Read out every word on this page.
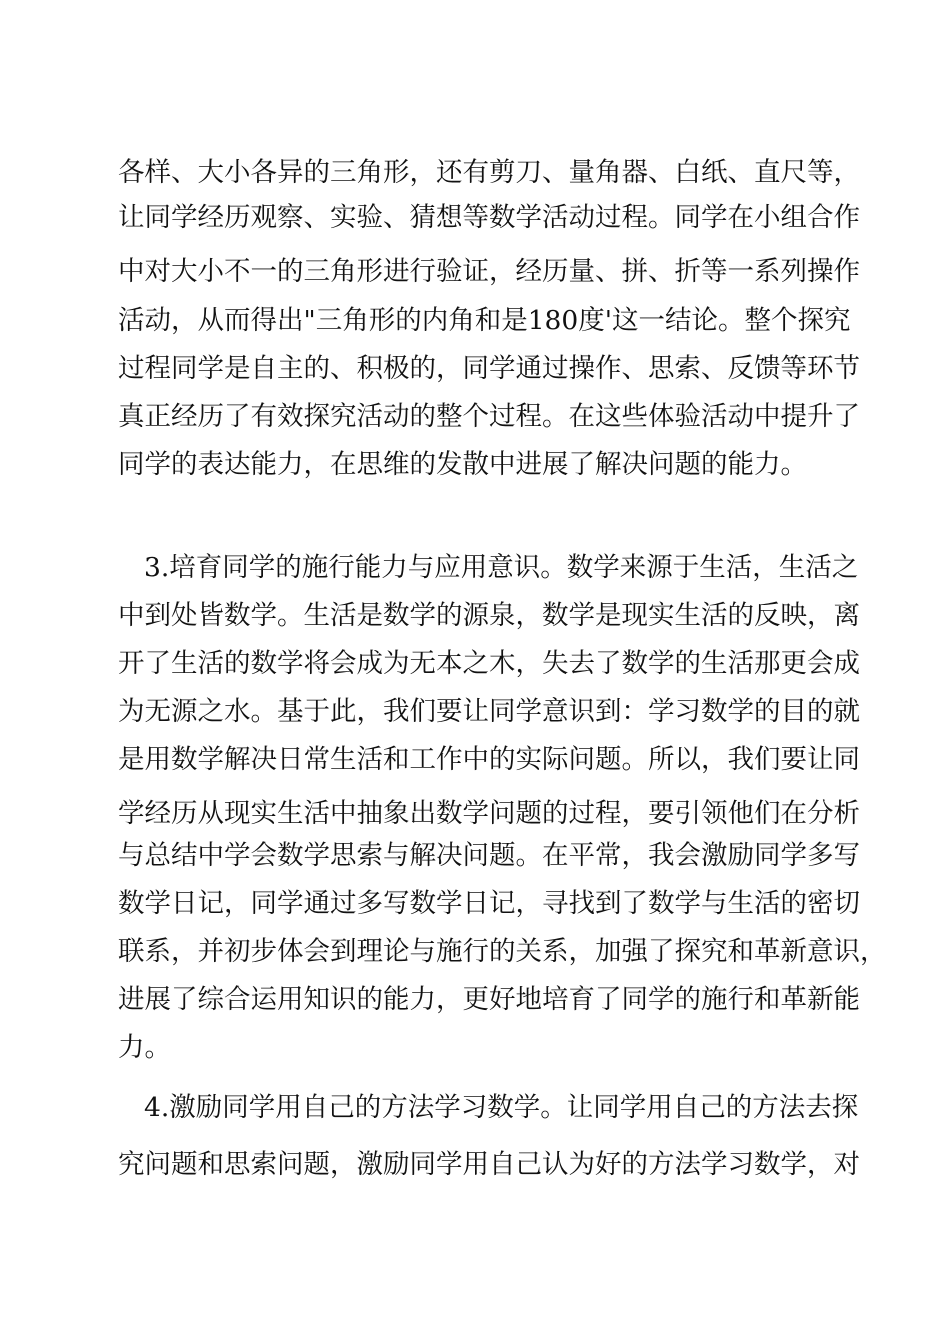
各样、大小各异的三角形，还有剪刀、量角器、白纸、直尺等，
让同学经历观察、实验、猜想等数学活动过程。同学在小组合作
中对大小不一的三角形进行验证，经历量、拼、折等一系列操作
活动，从而得出"三角形的内角和是180度'这一结论。整个探究
过程同学是自主的、积极的，同学通过操作、思索、反馈等环节
真正经历了有效探究活动的整个过程。在这些体验活动中提升了
同学的表达能力，在思维的发散中进展了解决问题的能力。
3.培育同学的施行能力与应用意识。数学来源于生活，生活之
中到处皆数学。生活是数学的源泉，数学是现实生活的反映，离
开了生活的数学将会成为无本之木，失去了数学的生活那更会成
为无源之水。基于此，我们要让同学意识到：学习数学的目的就
是用数学解决日常生活和工作中的实际问题。所以，我们要让同
学经历从现实生活中抽象出数学问题的过程，要引领他们在分析
与总结中学会数学思索与解决问题。在平常，我会激励同学多写
数学日记，同学通过多写数学日记，寻找到了数学与生活的密切
联系，并初步体会到理论与施行的关系，加强了探究和革新意识，
进展了综合运用知识的能力，更好地培育了同学的施行和革新能
力。
4.激励同学用自己的方法学习数学。让同学用自己的方法去探
究问题和思索问题，激励同学用自己认为好的方法学习数学，对
